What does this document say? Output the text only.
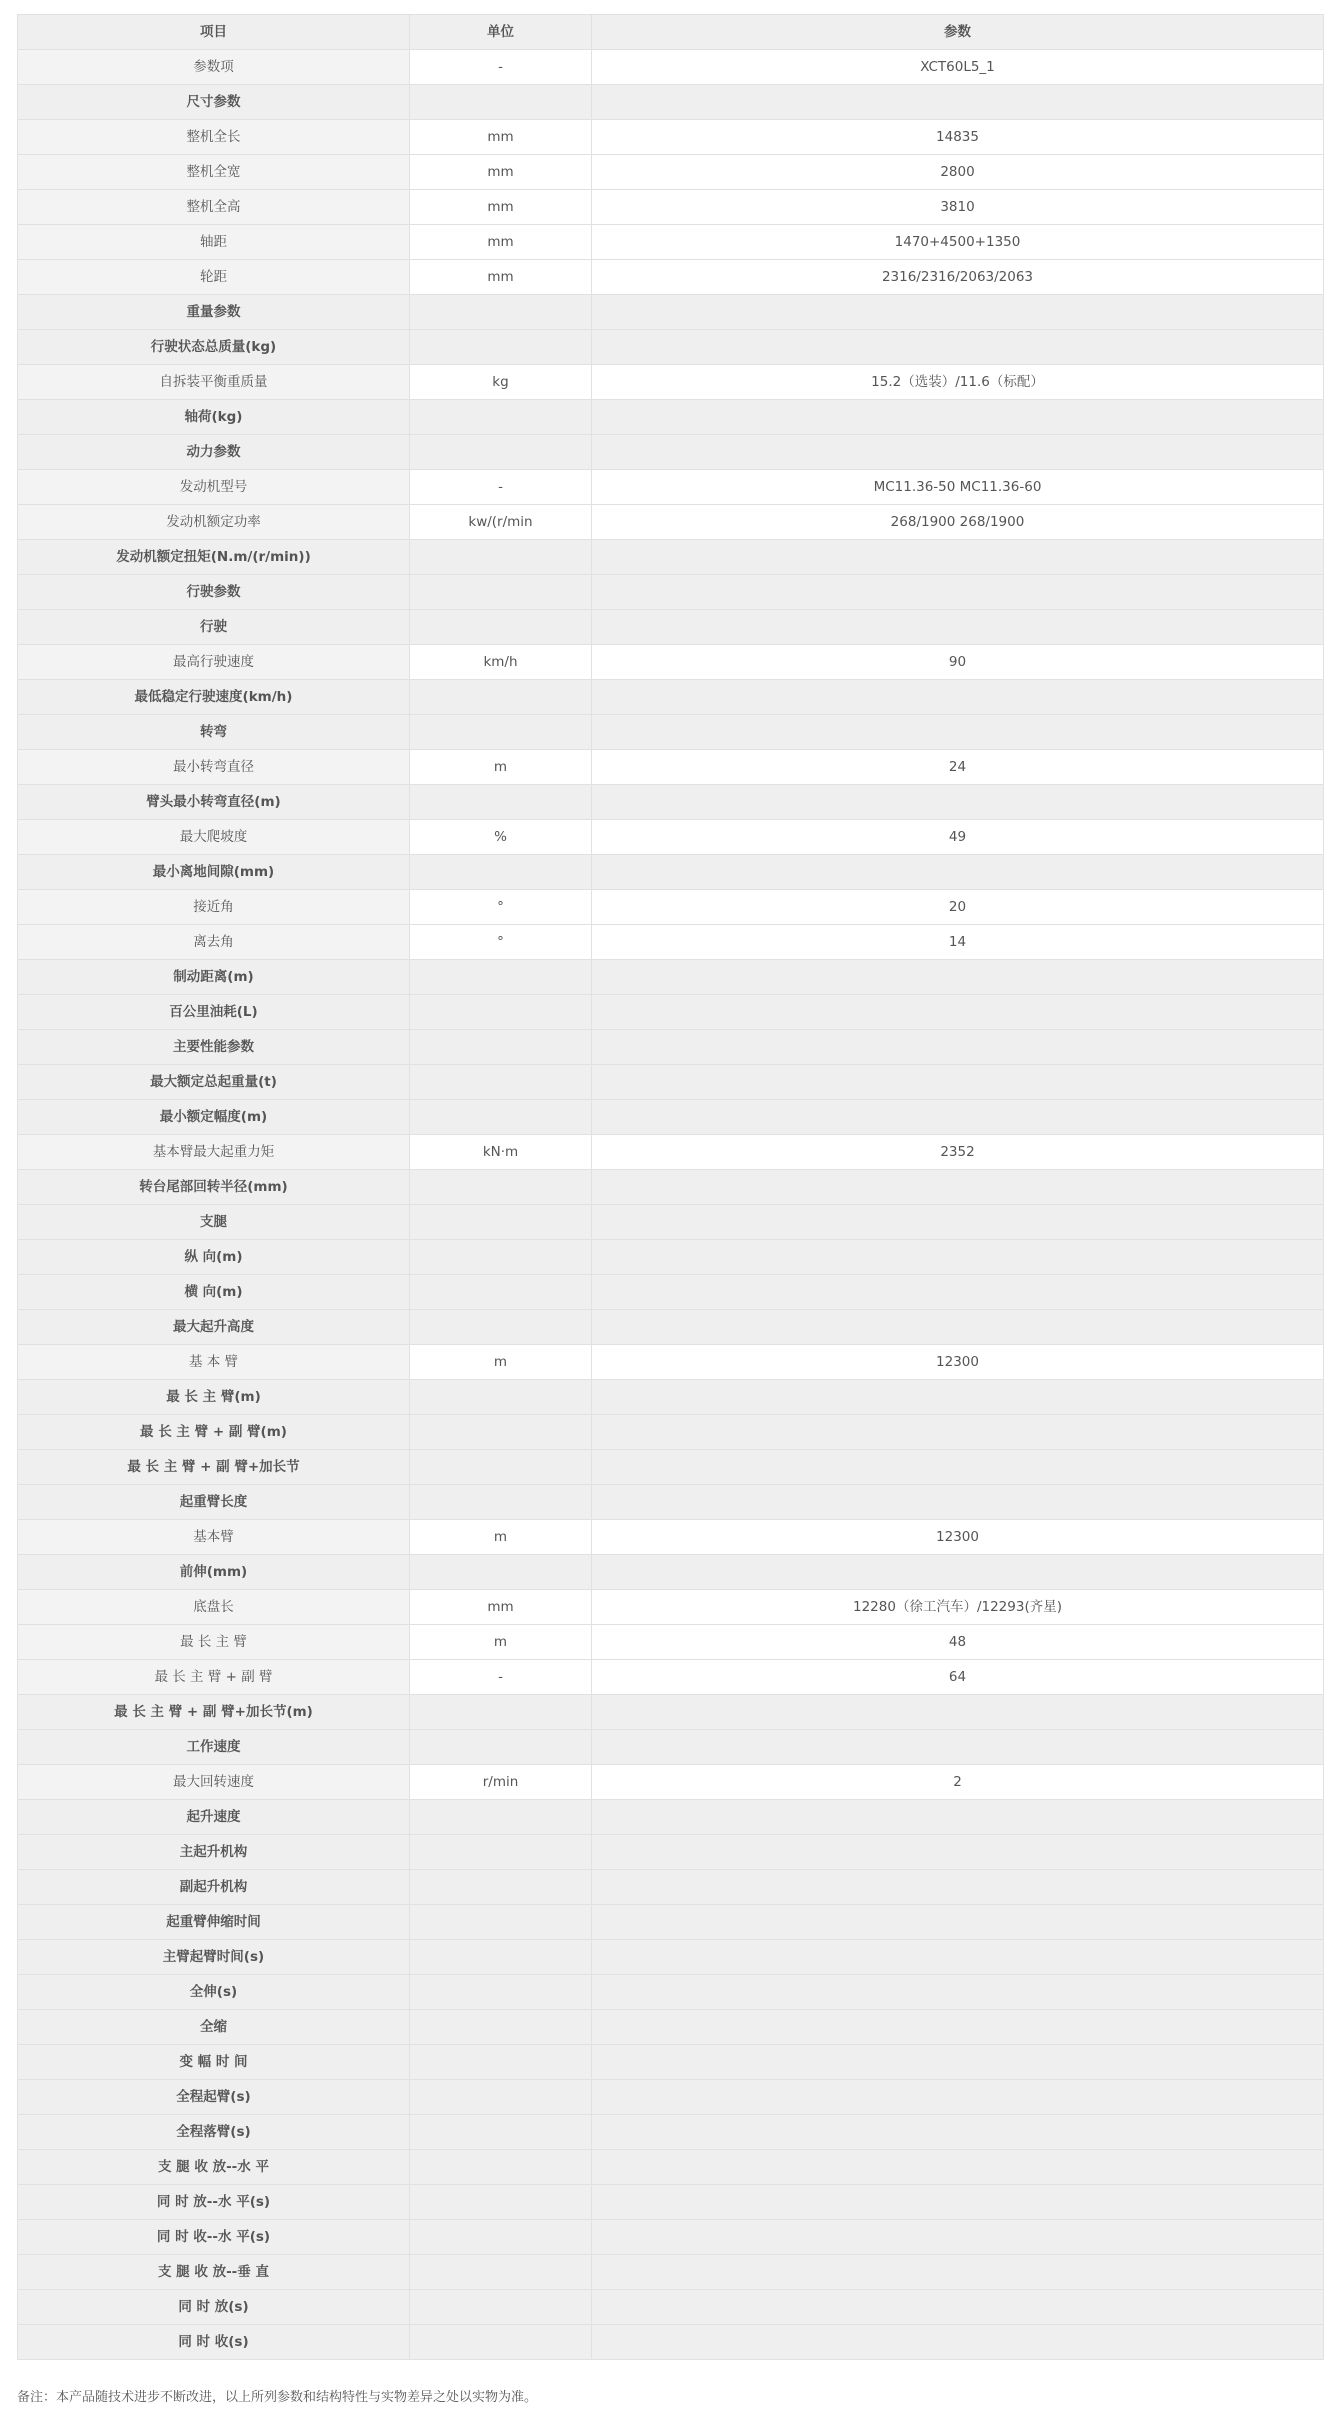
项目	单位	参数
参数项	-	XCT60L5_1
尺寸参数		
整机全长	mm	14835
整机全宽	mm	2800
整机全高	mm	3810
轴距	mm	1470+4500+1350
轮距	mm	2316/2316/2063/2063
重量参数		
行驶状态总质量(kg)		
自拆装平衡重质量	kg	15.2（选装）/11.6（标配）
轴荷(kg)		
动力参数		
发动机型号	-	MC11.36-50 MC11.36-60
发动机额定功率	kw/(r/min	268/1900 268/1900
发动机额定扭矩(N.m/(r/min))		
行驶参数		
行驶		
最高行驶速度	km/h	90
最低稳定行驶速度(km/h)		
转弯		
最小转弯直径	m	24
臂头最小转弯直径(m)		
最大爬坡度	%	49
最小离地间隙(mm)		
接近角	°	20
离去角	°	14
制动距离(m)		
百公里油耗(L)		
主要性能参数		
最大额定总起重量(t)		
最小额定幅度(m)		
基本臂最大起重力矩	kN·m	2352
转台尾部回转半径(mm)		
支腿		
纵 向(m)		
横 向(m)		
最大起升高度		
基 本 臂	m	12300
最 长 主 臂(m)		
最 长 主 臂 + 副 臂(m)		
最 长 主 臂 + 副 臂+加长节		
起重臂长度		
基本臂	m	12300
前伸(mm)		
底盘长	mm	12280（徐工汽车）/12293(齐星)
最 长 主 臂	m	48
最 长 主 臂 + 副 臂	-	64
最 长 主 臂 + 副 臂+加长节(m)		
工作速度		
最大回转速度	r/min	2
起升速度		
主起升机构		
副起升机构		
起重臂伸缩时间		
主臂起臂时间(s)		
全伸(s)		
全缩		
变 幅 时 间		
全程起臂(s)		
全程落臂(s)		
支 腿 收 放--水 平		
同 时 放--水 平(s)		
同 时 收--水 平(s)		
支 腿 收 放--垂 直		
同 时 放(s)		
同 时 收(s)		
备注：本产品随技术进步不断改进，以上所列参数和结构特性与实物差异之处以实物为准。
